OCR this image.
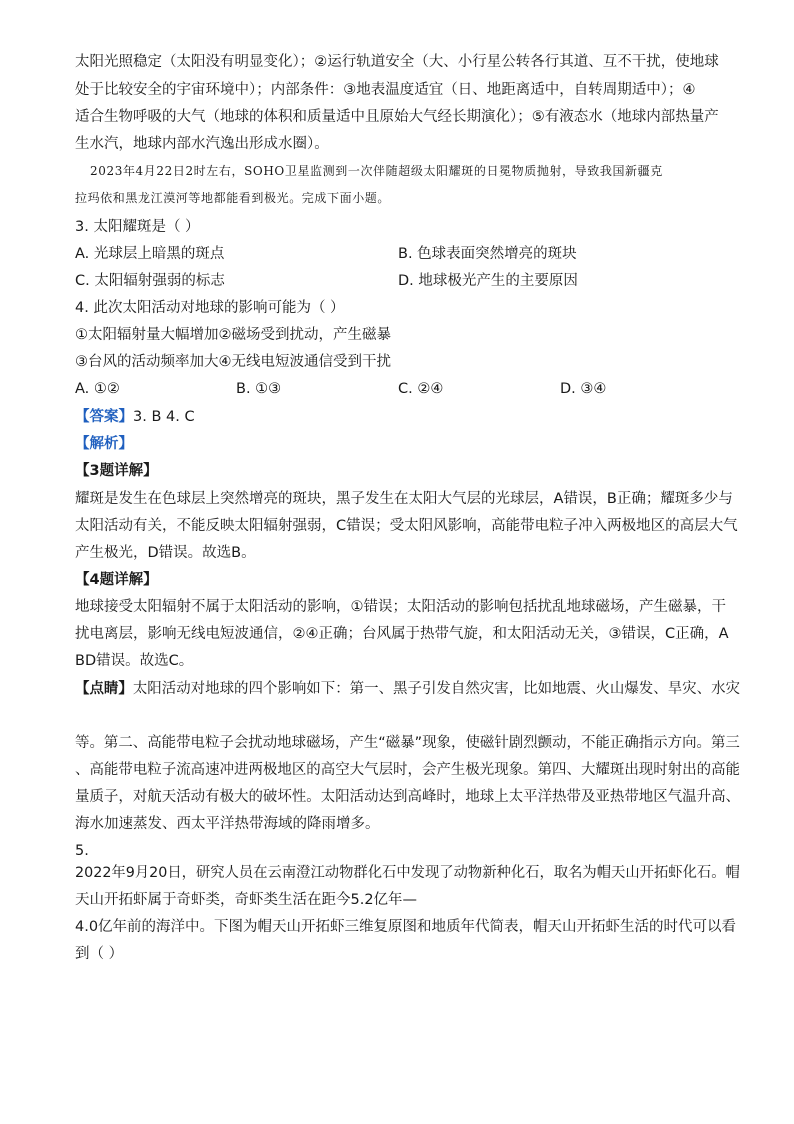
太阳光照稳定（太阳没有明显变化）；②运行轨道安全（大、小行星公转各行其道、互不干扰，使地球
处于比较安全的宇宙环境中）；内部条件：③地表温度适宜（日、地距离适中，自转周期适中）；④
适合生物呼吸的大气（地球的体积和质量适中且原始大气经长期演化）；⑤有液态水（地球内部热量产
生水汽，地球内部水汽逸出形成水圈）。
2023年4月22日2时左右，SOHO卫星监测到一次伴随超级太阳耀斑的日冕物质抛射，导致我国新疆克
拉玛依和黑龙江漠河等地都能看到极光。完成下面小题。
3. 太阳耀斑是（ ）
A. 光球层上暗黑的斑点	B. 色球表面突然增亮的斑块
C. 太阳辐射强弱的标志	D. 地球极光产生的主要原因
4. 此次太阳活动对地球的影响可能为（ ）
①太阳辐射量大幅增加②磁场受到扰动，产生磁暴
③台风的活动频率加大④无线电短波通信受到干扰
A. ①②	B. ①③	C. ②④	D. ③④
【答案】3. B 4. C
【解析】
【3题详解】
耀斑是发生在色球层上突然增亮的斑块，黑子发生在太阳大气层的光球层，A错误，B正确；耀斑多少与
太阳活动有关，不能反映太阳辐射强弱，C错误；受太阳风影响，高能带电粒子冲入两极地区的高层大气
产生极光，D错误。故选B。
【4题详解】
地球接受太阳辐射不属于太阳活动的影响，①错误；太阳活动的影响包括扰乱地球磁场，产生磁暴，干
扰电离层，影响无线电短波通信，②④正确；台风属于热带气旋，和太阳活动无关，③错误，C正确，A
BD错误。故选C。
【点睛】太阳活动对地球的四个影响如下：第一、黑子引发自然灾害，比如地震、火山爆发、旱灾、水灾
等。第二、高能带电粒子会扰动地球磁场，产生“磁暴”现象，使磁针剧烈颤动，不能正确指示方向。第三
、高能带电粒子流高速冲进两极地区的高空大气层时，会产生极光现象。第四、大耀斑出现时射出的高能
量质子，对航天活动有极大的破坏性。太阳活动达到高峰时，地球上太平洋热带及亚热带地区气温升高、
海水加速蒸发、西太平洋热带海域的降雨增多。
5.
2022年9月20日，研究人员在云南澄江动物群化石中发现了动物新种化石，取名为帽天山开拓虾化石。帽
天山开拓虾属于奇虾类，奇虾类生活在距今5.2亿年—
4.0亿年前的海洋中。下图为帽天山开拓虾三维复原图和地质年代简表，帽天山开拓虾生活的时代可以看
到（ ）
